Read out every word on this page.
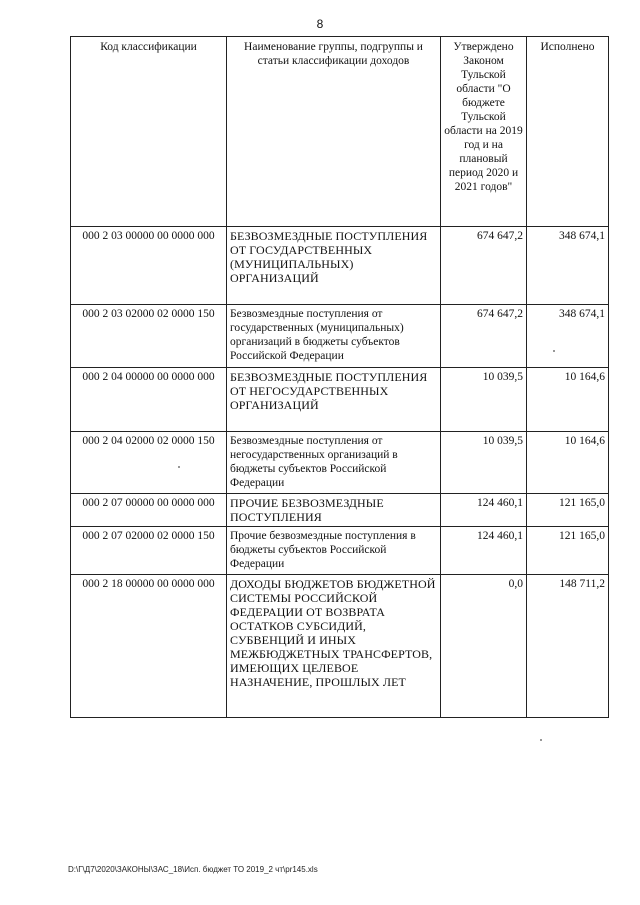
8
Код классификации	Наименование группы, подгруппы и статьи классификации доходов	Утверждено Законом Тульской области "О бюджете Тульской области на 2019 год и на плановый период 2020 и 2021 годов"	Исполнено
000 2 03 00000 00 0000 000	БЕЗВОЗМЕЗДНЫЕ ПОСТУПЛЕНИЯ ОТ ГОСУДАРСТВЕННЫХ (МУНИЦИПАЛЬНЫХ) ОРГАНИЗАЦИЙ	674 647,2	348 674,1
000 2 03 02000 02 0000 150	Безвозмездные поступления от государственных (муниципальных) организаций в бюджеты субъектов Российской Федерации	674 647,2	348 674,1
000 2 04 00000 00 0000 000	БЕЗВОЗМЕЗДНЫЕ ПОСТУПЛЕНИЯ ОТ НЕГОСУДАРСТВЕННЫХ ОРГАНИЗАЦИЙ	10 039,5	10 164,6
000 2 04 02000 02 0000 150	Безвозмездные поступления от негосударственных организаций в бюджеты субъектов Российской Федерации	10 039,5	10 164,6
000 2 07 00000 00 0000 000	ПРОЧИЕ БЕЗВОЗМЕЗДНЫЕ ПОСТУПЛЕНИЯ	124 460,1	121 165,0
000 2 07 02000 02 0000 150	Прочие безвозмездные поступления в бюджеты субъектов Российской Федерации	124 460,1	121 165,0
000 2 18 00000 00 0000 000	ДОХОДЫ БЮДЖЕТОВ БЮДЖЕТНОЙ СИСТЕМЫ РОССИЙСКОЙ ФЕДЕРАЦИИ ОТ ВОЗВРАТА ОСТАТКОВ СУБСИДИЙ, СУБВЕНЦИЙ И ИНЫХ МЕЖБЮДЖЕТНЫХ ТРАНСФЕРТОВ, ИМЕЮЩИХ ЦЕЛЕВОЕ НАЗНАЧЕНИЕ, ПРОШЛЫХ ЛЕТ	0,0	148 711,2
D:\Г\Д7\2020\ЗАКОНЫ\ЗАС_18\Исп. бюджет ТО 2019_2 чт\pr145.xls
